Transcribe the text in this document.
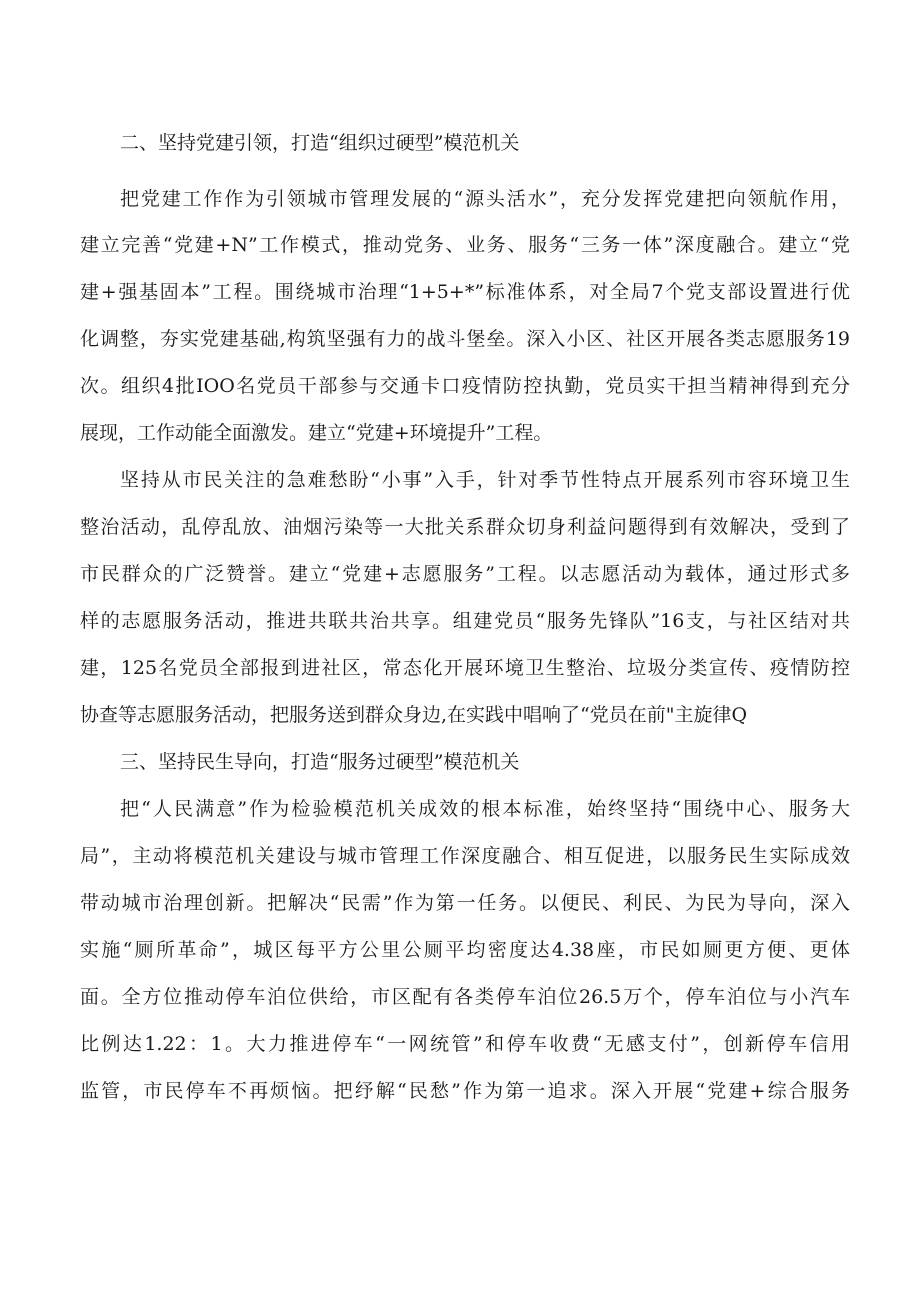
二、坚持党建引领，打造“组织过硬型”模范机关
把党建工作作为引领城市管理发展的“源头活水”，充分发挥党建把向领航作用，
建立完善“党建+N”工作模式，推动党务、业务、服务“三务一体”深度融合。建立“党
建+强基固本”工程。围绕城市治理“1+5+*”标准体系，对全局7个党支部设置进行优
化调整，夯实党建基础,构筑坚强有力的战斗堡垒。深入小区、社区开展各类志愿服务19
次。组织4批IOO名党员干部参与交通卡口疫情防控执勤，党员实干担当精神得到充分
展现，工作动能全面激发。建立“党建+环境提升”工程。
坚持从市民关注的急难愁盼“小事”入手，针对季节性特点开展系列市容环境卫生
整治活动，乱停乱放、油烟污染等一大批关系群众切身利益问题得到有效解决，受到了
市民群众的广泛赞誉。建立“党建+志愿服务”工程。以志愿活动为载体，通过形式多
样的志愿服务活动，推进共联共治共享。组建党员“服务先锋队”16支，与社区结对共
建，125名党员全部报到进社区，常态化开展环境卫生整治、垃圾分类宣传、疫情防控
协查等志愿服务活动，把服务送到群众身边,在实践中唱响了“党员在前"主旋律Q
三、坚持民生导向，打造“服务过硬型”模范机关
把“人民满意”作为检验模范机关成效的根本标准，始终坚持“围绕中心、服务大
局”，主动将模范机关建设与城市管理工作深度融合、相互促进，以服务民生实际成效
带动城市治理创新。把解决“民需”作为第一任务。以便民、利民、为民为导向，深入
实施“厕所革命”，城区每平方公里公厕平均密度达4.38座，市民如厕更方便、更体
面。全方位推动停车泊位供给，市区配有各类停车泊位26.5万个，停车泊位与小汽车
比例达1.22：1。大力推进停车“一网统管”和停车收费“无感支付”，创新停车信用
监管，市民停车不再烦恼。把纾解“民愁”作为第一追求。深入开展“党建+综合服务
